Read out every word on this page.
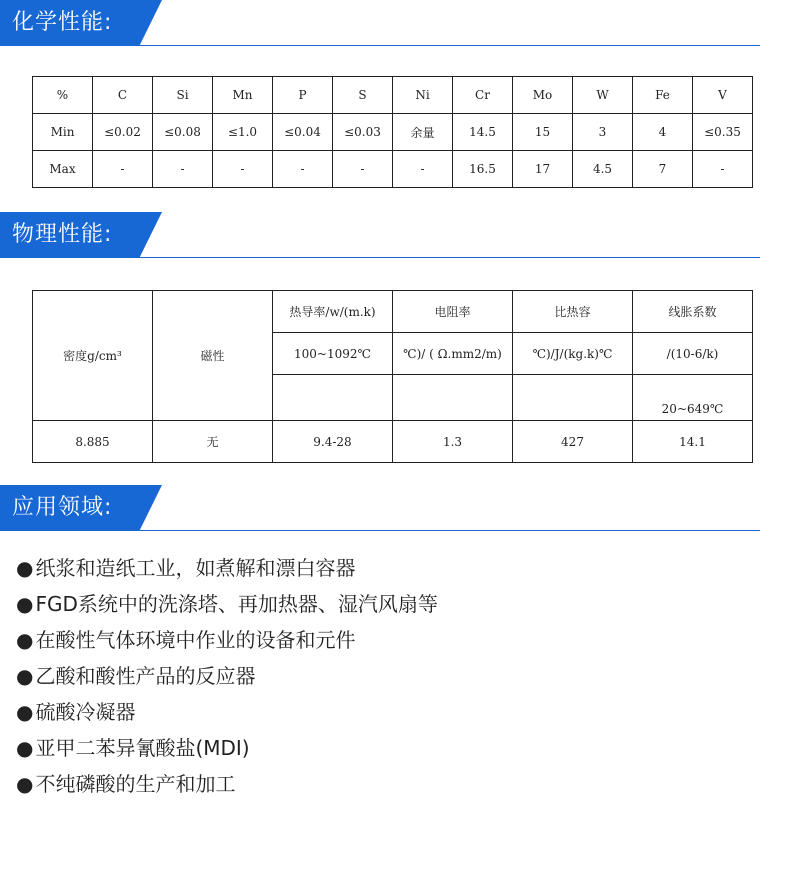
化学性能:
%	C	Si	Mn	P	S	Ni	Cr	Mo	W	Fe	V
Min	≤0.02	≤0.08	≤1.0	≤0.04	≤0.03	余量	14.5	15	3	4	≤0.35
Max	-	-	-	-	-	-	16.5	17	4.5	7	-
物理性能:
密度g/cm³	磁性	热导率/w/(m.k)	电阻率	比热容	线胀系数
		100~1092℃	℃)/ ( Ω.mm2/m)	℃)/J/(kg.k)℃	/(10-6/k)
					20~649℃
8.885	无	9.4-28	1.3	427	14.1
应用领域:
● 纸浆和造纸工业，如煮解和漂白容器
● FGD系统中的洗涤塔、再加热器、湿汽风扇等
● 在酸性气体环境中作业的设备和元件
● 乙酸和酸性产品的反应器
● 硫酸冷凝器
● 亚甲二苯异氰酸盐(MDI)
● 不纯磷酸的生产和加工
